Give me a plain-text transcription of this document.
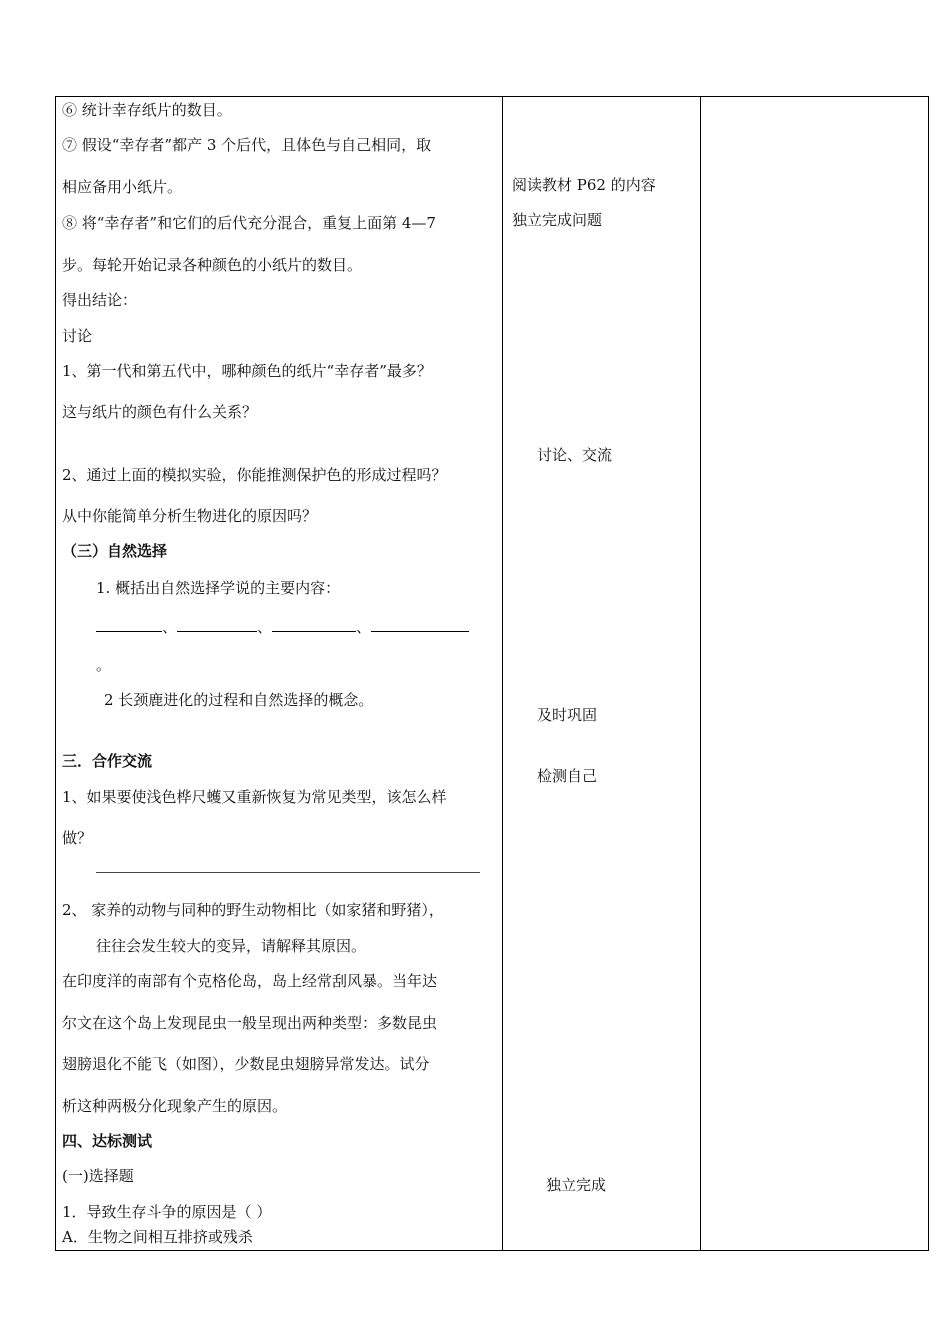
⑥ 统计幸存纸片的数目。
⑦ 假设“幸存者”都产 3 个后代，且体色与自己相同，取
相应备用小纸片。
⑧ 将“幸存者”和它们的后代充分混合，重复上面第 4—7
步。每轮开始记录各种颜色的小纸片的数目。
得出结论：
讨论
1、第一代和第五代中，哪种颜色的纸片“幸存者”最多？
这与纸片的颜色有什么关系？
2、通过上面的模拟实验，你能推测保护色的形成过程吗？
从中你能简单分析生物进化的原因吗？
（三）自然选择
1. 概括出自然选择学说的主要内容：
、	、	、
。
2 长颈鹿进化的过程和自然选择的概念。
三．合作交流
1、如果要使浅色桦尺蠖又重新恢复为常见类型，该怎么样
做？
2、 家养的动物与同种的野生动物相比（如家猪和野猪），
往往会发生较大的变异，请解释其原因。
在印度洋的南部有个克格伦岛，岛上经常刮风暴。当年达
尔文在这个岛上发现昆虫一般呈现出两种类型：多数昆虫
翅膀退化不能飞（如图），少数昆虫翅膀异常发达。试分
析这种两极分化现象产生的原因。
四、达标测试
(一)选择题
1．导致生存斗争的原因是（ ）
A．生物之间相互排挤或残杀
阅读教材 P62 的内容
独立完成问题
讨论、交流
及时巩固
检测自己
独立完成
